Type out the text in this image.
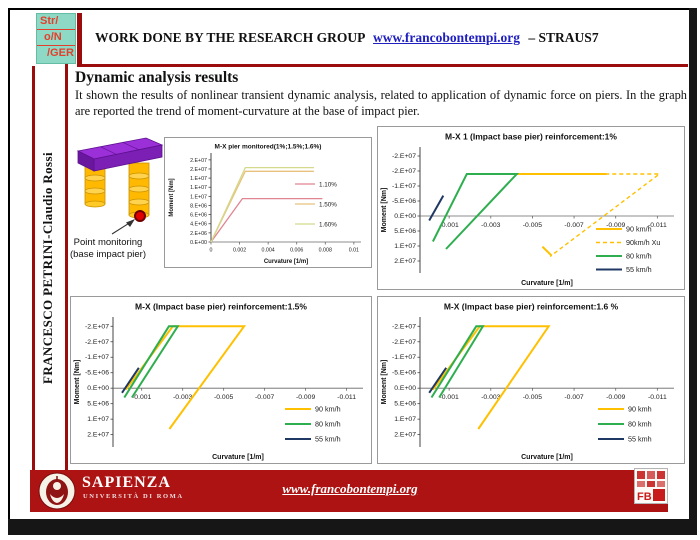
Str/
o/N
/GER
WORK DONE BY THE RESEARCH GROUP www.francobontempi.org – STRAUS7
FRANCESCO PETRINI-Claudio Rossi
Dynamic analysis results
It shown the results of nonlinear transient dynamic analysis, related to application of dynamic force on piers. In the graph are reported the trend of moment-curvature at the base of impact pier.
Point monitoring
(base impact pier)
M-X pier monitored(1%;1.5%;1.6%)
0.E+00
2.E+06
4.E+06
6.E+06
8.E+06
1.E+07
1.E+07
1.E+07
2.E+07
2.E+07
0	0.002	0.004	0.006	0.008	0.01
Curvature [1/m]
Moment [Nm]	1.10%
1.50%
1.60%
M-X 1 (Impact base pier) reinforcement:1%
-2.E+07
-2.E+07
-1.E+07
-5.E+06
0.E+00
5.E+06
1.E+07
2.E+07
-0.001	-0.003	-0.005	-0.007	-0.009	-0.011
Curvature [1/m]
Moment [Nm]	90 km/h
90km/h Xu
80 km/h
55 km/h
M-X (Impact base pier) reinforcement:1.5%
-2.E+07
-2.E+07
-1.E+07
-5.E+06
0.E+00
5.E+06
1.E+07
2.E+07
-0.001	-0.003	-0.005	-0.007	-0.009	-0.011
Curvature [1/m]
Moment [Nm]
90 km/h
80 km/h
55 km/h
M-X (Impact base pier) reinforcement:1.6 %
-2.E+07
-2.E+07
-1.E+07
-5.E+06
0.E+00
5.E+06
1.E+07
2.E+07
-0.001	-0.003	-0.005	-0.007	-0.009	-0.011
Curvature [1/m]
Moment [Nm]
90 kmh
80 kmh
55 kmh
SAPIENZA
UNIVERSITÀ DI ROMA
www.francobontempi.org
FB
